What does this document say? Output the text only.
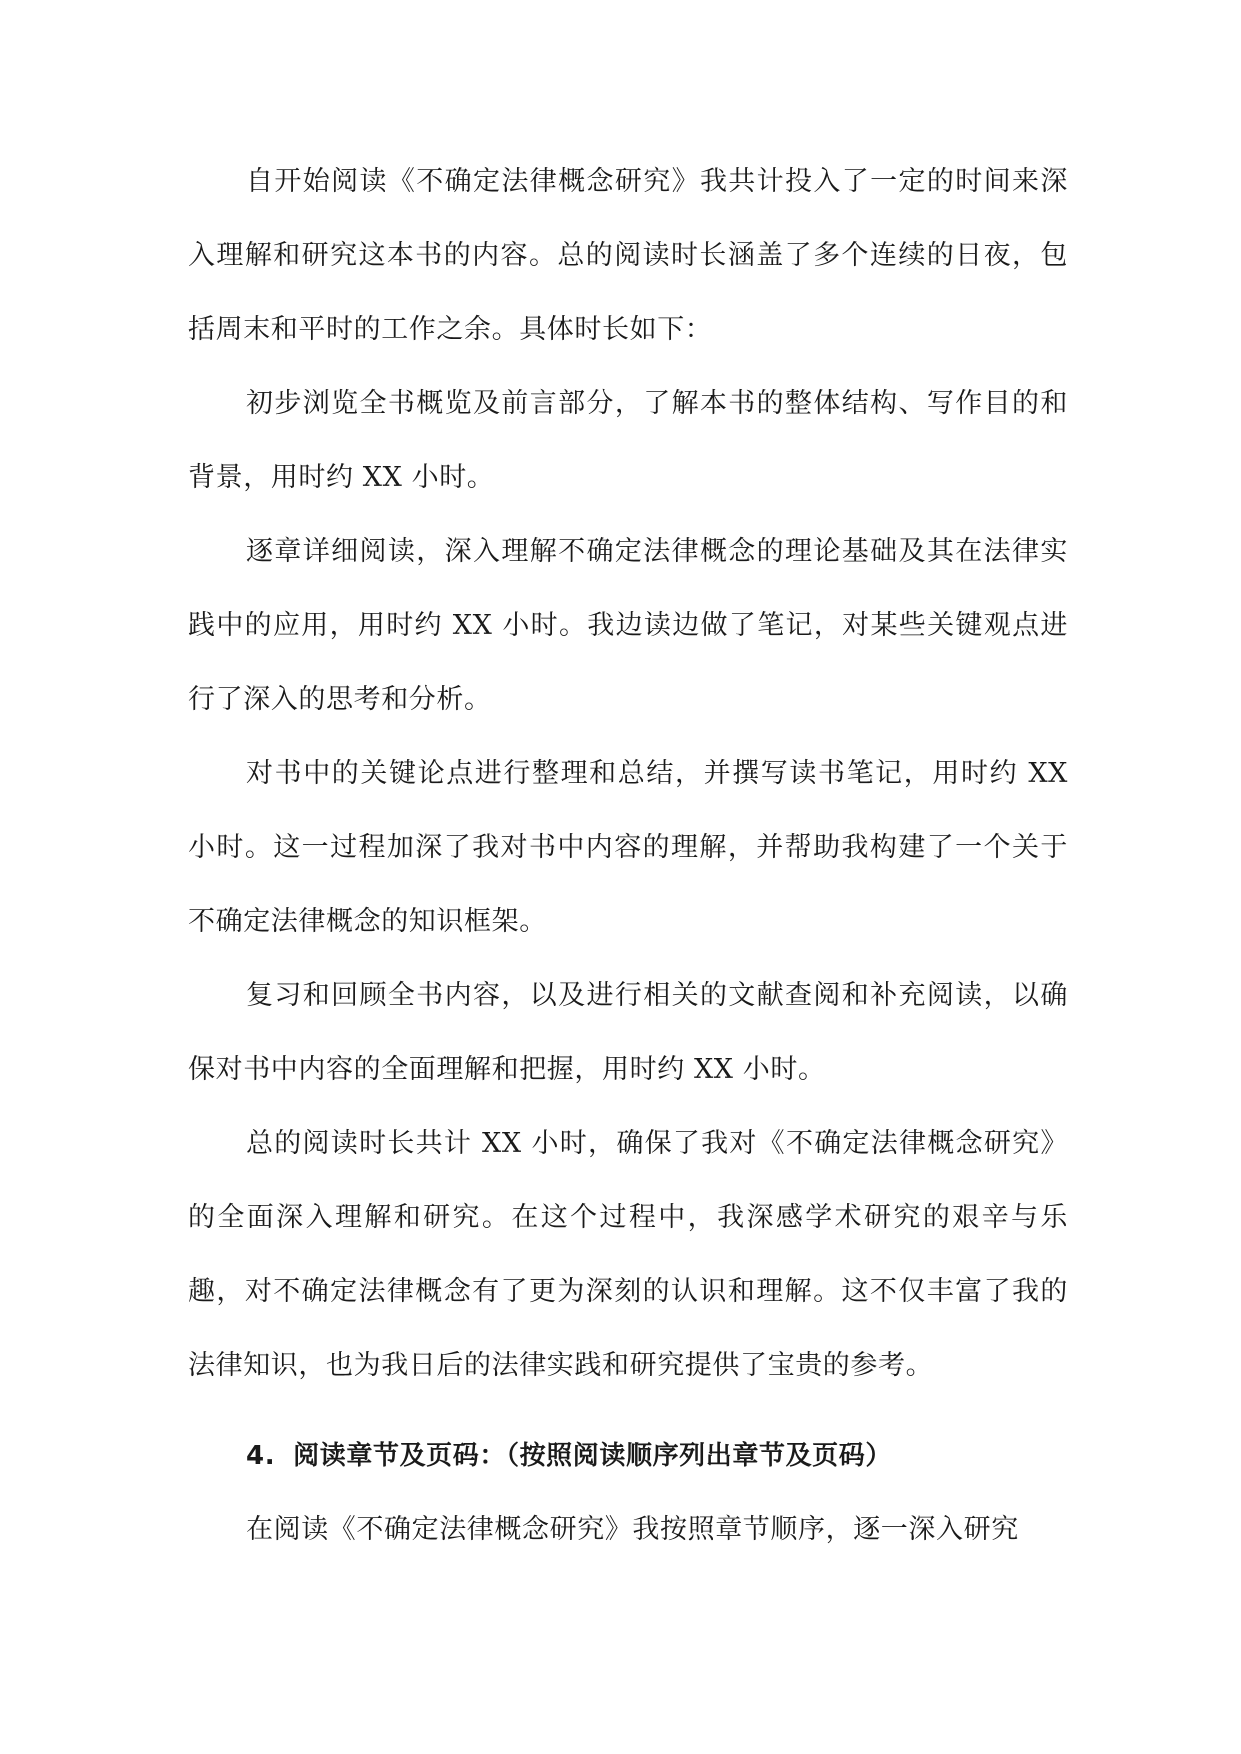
自开始阅读《不确定法律概念研究》我共计投入了一定的时间来深入理解和研究这本书的内容。总的阅读时长涵盖了多个连续的日夜，包括周末和平时的工作之余。具体时长如下：

初步浏览全书概览及前言部分，了解本书的整体结构、写作目的和背景，用时约 XX 小时。

逐章详细阅读，深入理解不确定法律概念的理论基础及其在法律实践中的应用，用时约 XX 小时。我边读边做了笔记，对某些关键观点进行了深入的思考和分析。

对书中的关键论点进行整理和总结，并撰写读书笔记，用时约 XX 小时。这一过程加深了我对书中内容的理解，并帮助我构建了一个关于不确定法律概念的知识框架。

复习和回顾全书内容，以及进行相关的文献查阅和补充阅读，以确保对书中内容的全面理解和把握，用时约 XX 小时。

总的阅读时长共计 XX 小时，确保了我对《不确定法律概念研究》的全面深入理解和研究。在这个过程中，我深感学术研究的艰辛与乐趣，对不确定法律概念有了更为深刻的认识和理解。这不仅丰富了我的法律知识，也为我日后的法律实践和研究提供了宝贵的参考。

4. 阅读章节及页码：（按照阅读顺序列出章节及页码）

在阅读《不确定法律概念研究》我按照章节顺序，逐一深入研究
